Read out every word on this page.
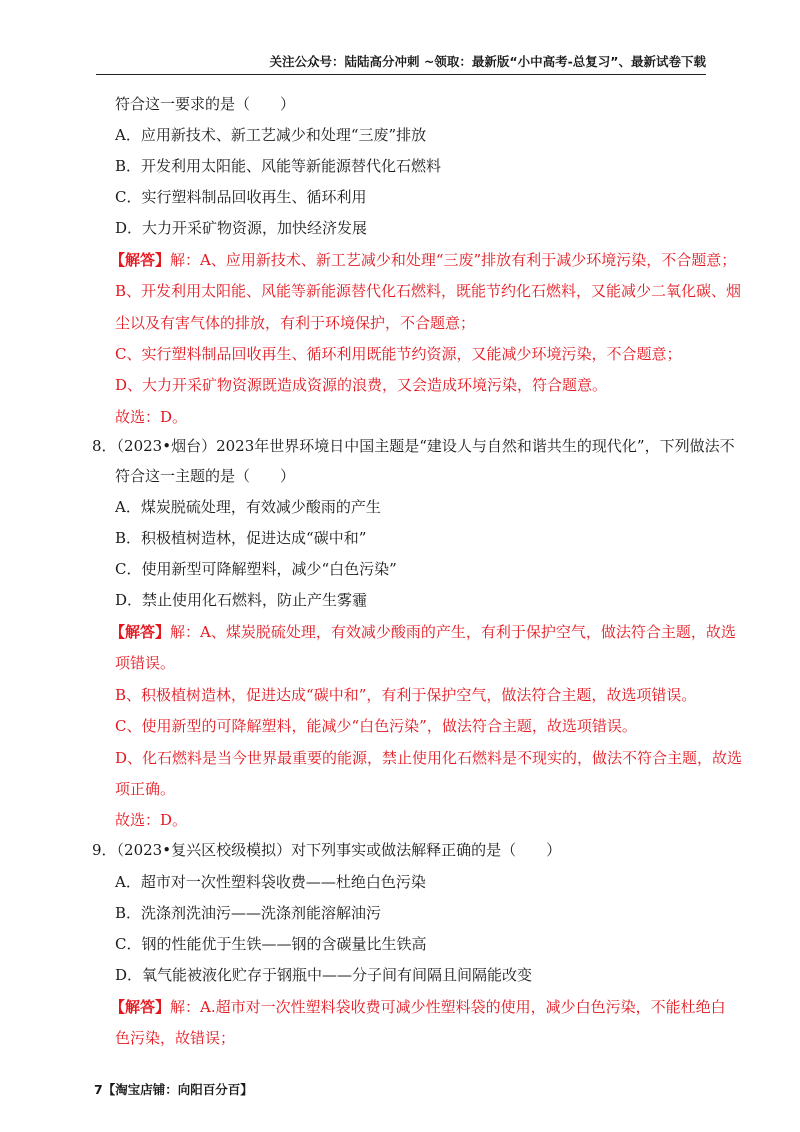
关注公众号：陆陆高分冲刺 ~领取：最新版“小中高考-总复习”、最新试卷下载
符合这一要求的是（　　）
A．应用新技术、新工艺减少和处理“三废”排放
B．开发利用太阳能、风能等新能源替代化石燃料
C．实行塑料制品回收再生、循环利用
D．大力开采矿物资源，加快经济发展
【解答】解：A、应用新技术、新工艺减少和处理“三废”排放有利于减少环境污染，不合题意；
B、开发利用太阳能、风能等新能源替代化石燃料，既能节约化石燃料，又能减少二氧化碳、烟
尘以及有害气体的排放，有利于环境保护，不合题意；
C、实行塑料制品回收再生、循环利用既能节约资源，又能减少环境污染，不合题意；
D、大力开采矿物资源既造成资源的浪费，又会造成环境污染，符合题意。
故选：D。
8．（2023•烟台）2023年世界环境日中国主题是“建设人与自然和谐共生的现代化”，下列做法不
符合这一主题的是（　　）
A．煤炭脱硫处理，有效减少酸雨的产生
B．积极植树造林，促进达成“碳中和”
C．使用新型可降解塑料，减少“白色污染”
D．禁止使用化石燃料，防止产生雾霾
【解答】解：A、煤炭脱硫处理，有效减少酸雨的产生，有利于保护空气，做法符合主题，故选
项错误。
B、积极植树造林，促进达成“碳中和”，有利于保护空气，做法符合主题，故选项错误。
C、使用新型的可降解塑料，能减少“白色污染”，做法符合主题，故选项错误。
D、化石燃料是当今世界最重要的能源，禁止使用化石燃料是不现实的，做法不符合主题，故选
项正确。
故选：D。
9．（2023•复兴区校级模拟）对下列事实或做法解释正确的是（　　）
A．超市对一次性塑料袋收费——杜绝白色污染
B．洗涤剂洗油污——洗涤剂能溶解油污
C．钢的性能优于生铁——钢的含碳量比生铁高
D．氧气能被液化贮存于钢瓶中——分子间有间隔且间隔能改变
【解答】解：A.超市对一次性塑料袋收费可减少性塑料袋的使用，减少白色污染，不能杜绝白
色污染，故错误；
7【淘宝店铺：向阳百分百】
